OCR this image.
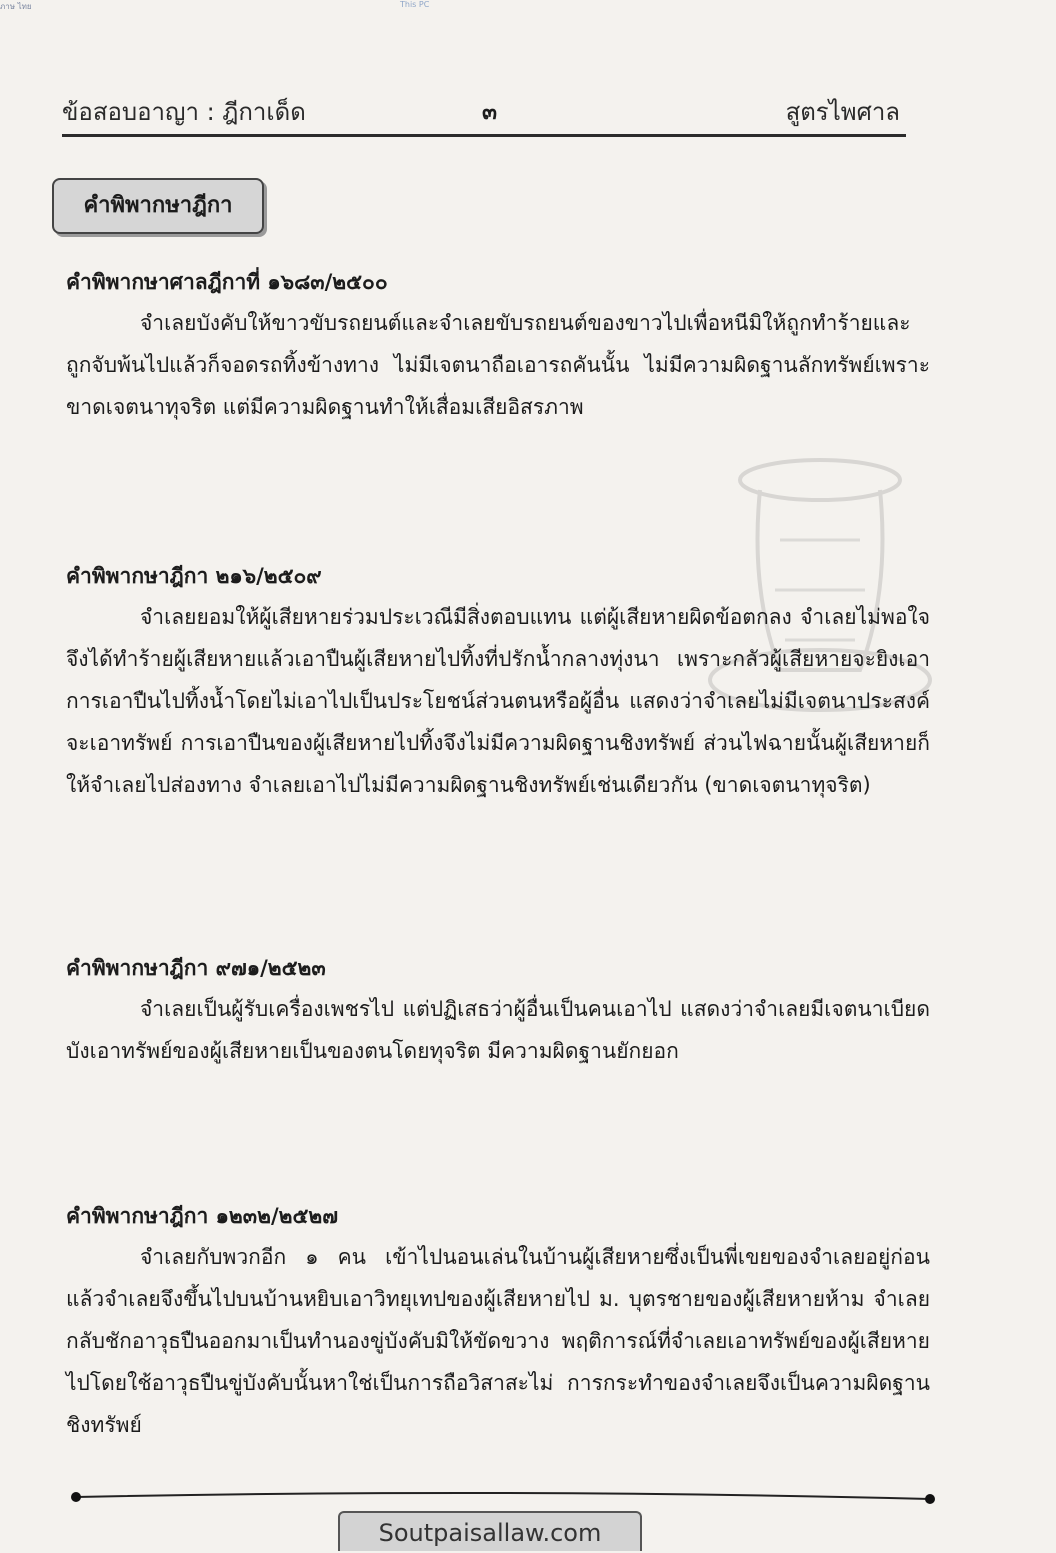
ภาษ ไทย	This PC
ข้อสอบอาญา : ฎีกาเด็ด	๓	สูตรไพศาล
คำพิพากษาฎีกา

คำพิพากษาศาลฎีกาที่ ๑๖๘๓/๒๕๐๐

จำเลยบังคับให้ขาวขับรถยนต์และจำเลยขับรถยนต์ของขาวไปเพื่อหนีมิให้ถูกทำร้ายและถูกจับพ้นไปแล้วก็จอดรถทิ้งข้างทาง ไม่มีเจตนาถือเอารถคันนั้น ไม่มีความผิดฐานลักทรัพย์เพราะขาดเจตนาทุจริต แต่มีความผิดฐานทำให้เสื่อมเสียอิสรภาพ

คำพิพากษาฎีกา ๒๑๖/๒๕๐๙

จำเลยยอมให้ผู้เสียหายร่วมประเวณีมีสิ่งตอบแทน แต่ผู้เสียหายผิดข้อตกลง จำเลยไม่พอใจ จึงได้ทำร้ายผู้เสียหายแล้วเอาปืนผู้เสียหายไปทิ้งที่ปรักน้ำกลางทุ่งนา เพราะกลัวผู้เสียหายจะยิงเอา การเอาปืนไปทิ้งน้ำโดยไม่เอาไปเป็นประโยชน์ส่วนตนหรือผู้อื่น แสดงว่าจำเลยไม่มีเจตนาประสงค์จะเอาทรัพย์ การเอาปืนของผู้เสียหายไปทิ้งจึงไม่มีความผิดฐานชิงทรัพย์ ส่วนไฟฉายนั้นผู้เสียหายก็ให้จำเลยไปส่องทาง จำเลยเอาไปไม่มีความผิดฐานชิงทรัพย์เช่นเดียวกัน (ขาดเจตนาทุจริต)

คำพิพากษาฎีกา ๙๗๑/๒๕๒๓

จำเลยเป็นผู้รับเครื่องเพชรไป แต่ปฏิเสธว่าผู้อื่นเป็นคนเอาไป แสดงว่าจำเลยมีเจตนาเบียดบังเอาทรัพย์ของผู้เสียหายเป็นของตนโดยทุจริต มีความผิดฐานยักยอก

คำพิพากษาฎีกา ๑๒๓๒/๒๕๒๗

จำเลยกับพวกอีก ๑ คน เข้าไปนอนเล่นในบ้านผู้เสียหายซึ่งเป็นพี่เขยของจำเลยอยู่ก่อน แล้วจำเลยจึงขึ้นไปบนบ้านหยิบเอาวิทยุเทปของผู้เสียหายไป ม. บุตรชายของผู้เสียหายห้าม จำเลยกลับชักอาวุธปืนออกมาเป็นทำนองขู่บังคับมิให้ขัดขวาง พฤติการณ์ที่จำเลยเอาทรัพย์ของผู้เสียหายไปโดยใช้อาวุธปืนขู่บังคับนั้นหาใช่เป็นการถือวิสาสะไม่ การกระทำของจำเลยจึงเป็นความผิดฐานชิงทรัพย์

Soutpaisallaw.com
